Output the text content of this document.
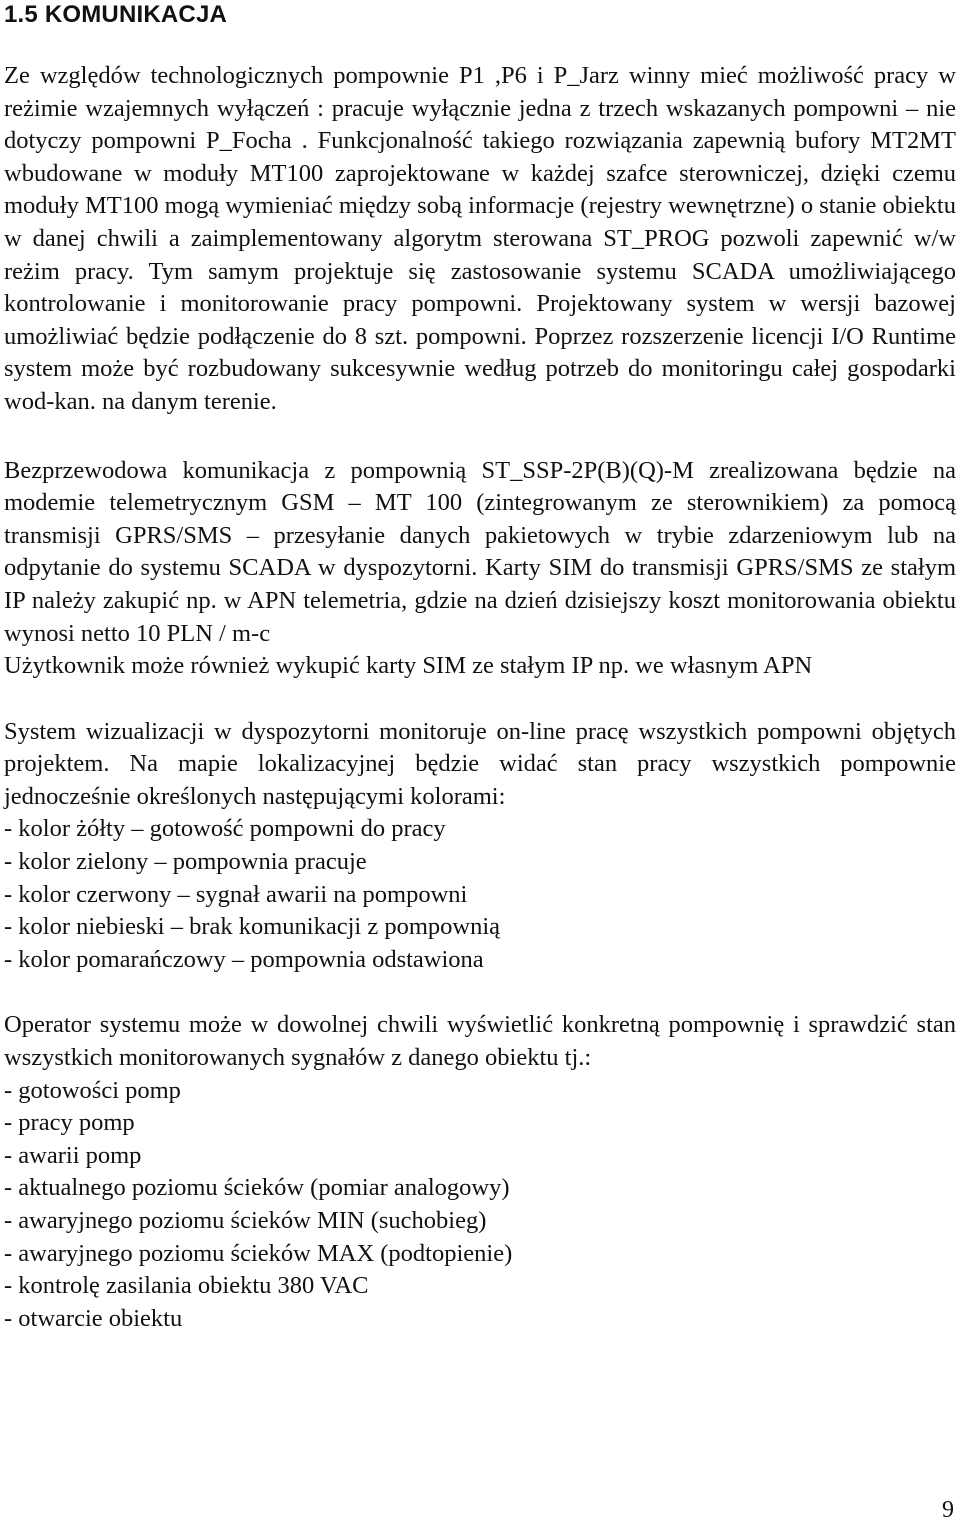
1.5 KOMUNIKACJA

Ze względów technologicznych pompownie P1 ,P6 i P_Jarz winny mieć możliwość pracy w reżimie wzajemnych wyłączeń : pracuje wyłącznie jedna z trzech wskazanych pompowni – nie dotyczy pompowni P_Focha . Funkcjonalność takiego rozwiązania zapewnią bufory MT2MT wbudowane w moduły MT100 zaprojektowane w każdej szafce sterowniczej, dzięki czemu moduły MT100 mogą wymieniać między sobą informacje (rejestry wewnętrzne) o stanie obiektu w danej chwili a zaimplementowany algorytm sterowana ST_PROG pozwoli zapewnić w/w reżim pracy. Tym samym projektuje się zastosowanie systemu SCADA umożliwiającego kontrolowanie i monitorowanie pracy pompowni. Projektowany system w wersji bazowej umożliwiać będzie podłączenie do 8 szt. pompowni. Poprzez rozszerzenie licencji I/O Runtime system może być rozbudowany sukcesywnie według potrzeb do monitoringu całej gospodarki wod-kan. na danym terenie.

Bezprzewodowa komunikacja z pompownią ST_SSP-2P(B)(Q)-M zrealizowana będzie na modemie telemetrycznym GSM – MT 100 (zintegrowanym ze sterownikiem) za pomocą transmisji GPRS/SMS – przesyłanie danych pakietowych w trybie zdarzeniowym lub na odpytanie do systemu SCADA w dyspozytorni. Karty SIM do transmisji GPRS/SMS ze stałym IP należy zakupić np. w APN telemetria, gdzie na dzień dzisiejszy koszt monitorowania obiektu wynosi netto 10 PLN / m-c

Użytkownik może również wykupić karty SIM ze stałym IP np. we własnym APN

System wizualizacji w dyspozytorni monitoruje on-line pracę wszystkich pompowni objętych projektem. Na mapie lokalizacyjnej będzie widać stan pracy wszystkich pompownie jednocześnie określonych następującymi kolorami:

- kolor żółty – gotowość pompowni do pracy
- kolor zielony – pompownia pracuje
- kolor czerwony – sygnał awarii na pompowni
- kolor niebieski – brak komunikacji z pompownią
- kolor pomarańczowy – pompownia odstawiona

Operator systemu może w dowolnej chwili wyświetlić konkretną pompownię i sprawdzić stan wszystkich monitorowanych sygnałów z danego obiektu tj.:

- gotowości pomp
- pracy pomp
- awarii pomp
- aktualnego poziomu ścieków (pomiar analogowy)
- awaryjnego poziomu ścieków MIN (suchobieg)
- awaryjnego poziomu ścieków MAX (podtopienie)
- kontrolę zasilania obiektu 380 VAC
- otwarcie obiektu
9
